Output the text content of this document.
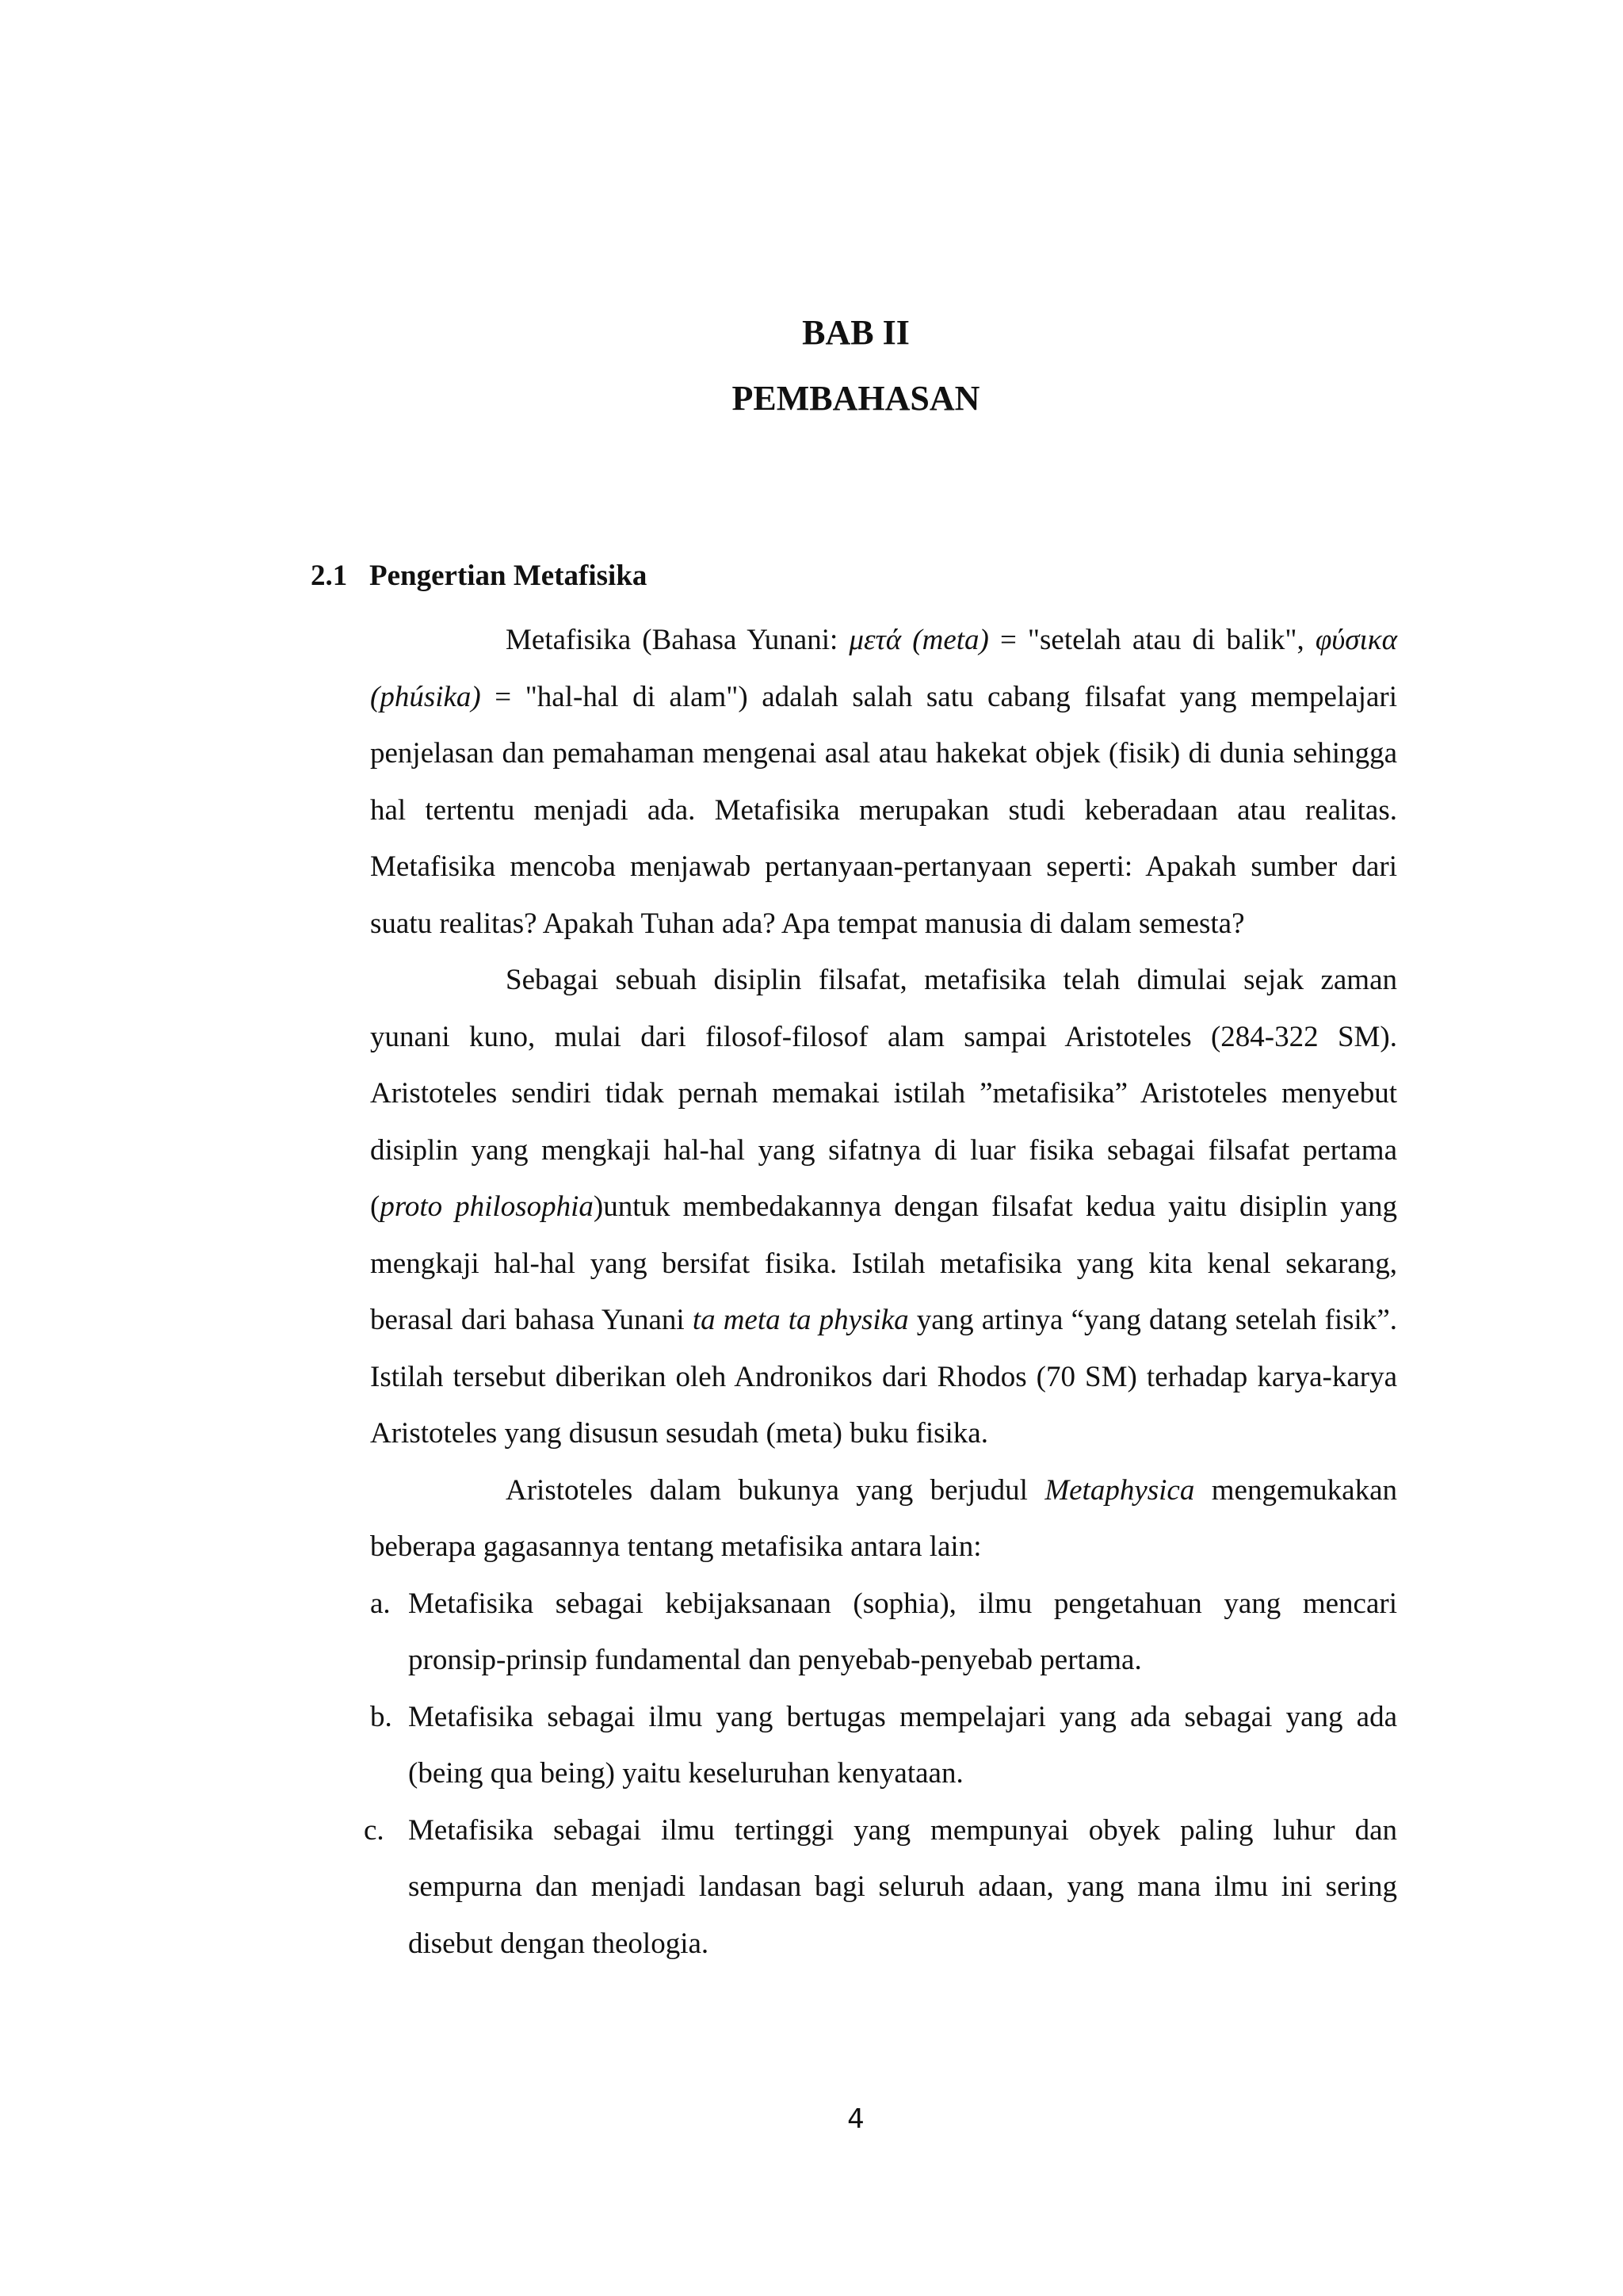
BAB II
PEMBAHASAN
2.1 Pengertian Metafisika

Metafisika (Bahasa Yunani: μετά (meta) = "setelah atau di balik", φύσικα (phúsika) = "hal-hal di alam") adalah salah satu cabang filsafat yang mempelajari penjelasan dan pemahaman mengenai asal atau hakekat objek (fisik) di dunia sehingga hal tertentu menjadi ada. Metafisika merupakan studi keberadaan atau realitas. Metafisika mencoba menjawab pertanyaan-pertanyaan seperti: Apakah sumber dari suatu realitas? Apakah Tuhan ada? Apa tempat manusia di dalam semesta?

Sebagai sebuah disiplin filsafat, metafisika telah dimulai sejak zaman yunani kuno, mulai dari filosof-filosof alam sampai Aristoteles (284-322 SM). Aristoteles sendiri tidak pernah memakai istilah ”metafisika” Aristoteles menyebut disiplin yang mengkaji hal-hal yang sifatnya di luar fisika sebagai filsafat pertama (proto philosophia)untuk membedakannya dengan filsafat kedua yaitu disiplin yang mengkaji hal-hal yang bersifat fisika. Istilah metafisika yang kita kenal sekarang, berasal dari bahasa Yunani ta meta ta physika yang artinya “yang datang setelah fisik”. Istilah tersebut diberikan oleh Andronikos dari Rhodos (70 SM) terhadap karya-karya Aristoteles yang disusun sesudah (meta) buku fisika.

Aristoteles dalam bukunya yang berjudul Metaphysica mengemukakan beberapa gagasannya tentang metafisika antara lain:

a. Metafisika sebagai kebijaksanaan (sophia), ilmu pengetahuan yang mencari pronsip-prinsip fundamental dan penyebab-penyebab pertama.
b. Metafisika sebagai ilmu yang bertugas mempelajari yang ada sebagai yang ada (being qua being) yaitu keseluruhan kenyataan.
c. Metafisika sebagai ilmu tertinggi yang mempunyai obyek paling luhur dan sempurna dan menjadi landasan bagi seluruh adaan, yang mana ilmu ini sering disebut dengan theologia.
4
